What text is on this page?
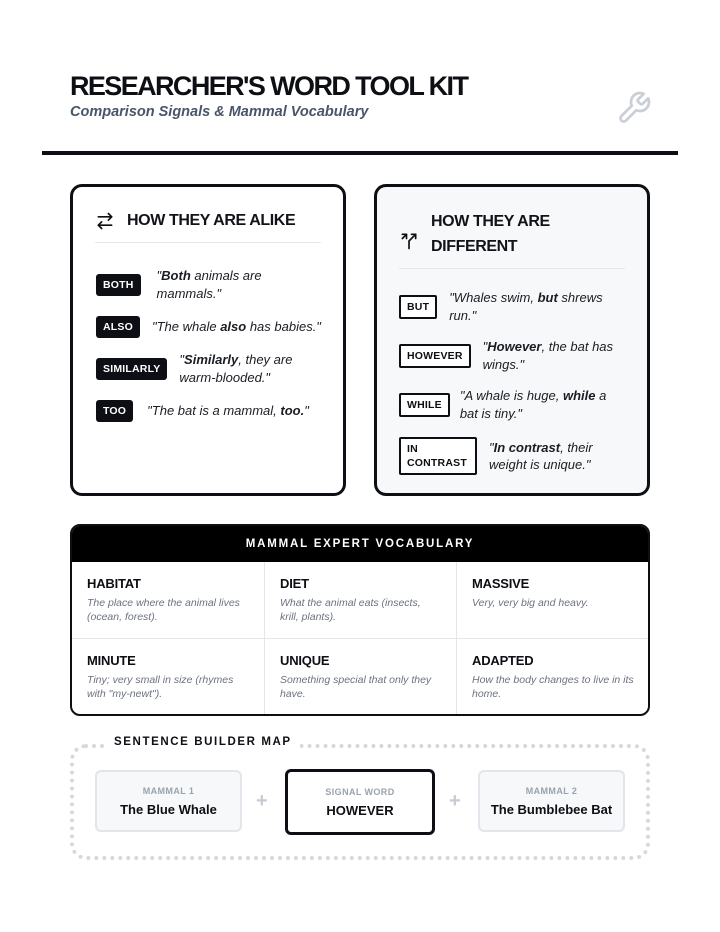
RESEARCHER'S WORD TOOL KIT
Comparison Signals & Mammal Vocabulary
HOW THEY ARE ALIKE
BOTH
"Both animals are mammals."
ALSO	"The whale also has babies."
SIMILARLY
"Similarly, they are warm-blooded."
TOO	"The bat is a mammal, too."
HOW THEY ARE DIFFERENT
BUT
"Whales swim, but shrews run."
HOWEVER
"However, the bat has wings."
WHILE
"A whale is huge, while a bat is tiny."
IN CONTRAST
"In contrast, their weight is unique."
MAMMAL EXPERT VOCABULARY
HABITAT
The place where the animal lives (ocean, forest).
DIET
What the animal eats (insects, krill, plants).
MASSIVE
Very, very big and heavy.
MINUTE
Tiny; very small in size (rhymes with "my-newt").
UNIQUE
Something special that only they have.
ADAPTED
How the body changes to live in its home.
SENTENCE BUILDER MAP
MAMMAL 1
The Blue Whale +	SIGNAL WORD
HOWEVER	+	MAMMAL 2
The Bumblebee Bat
